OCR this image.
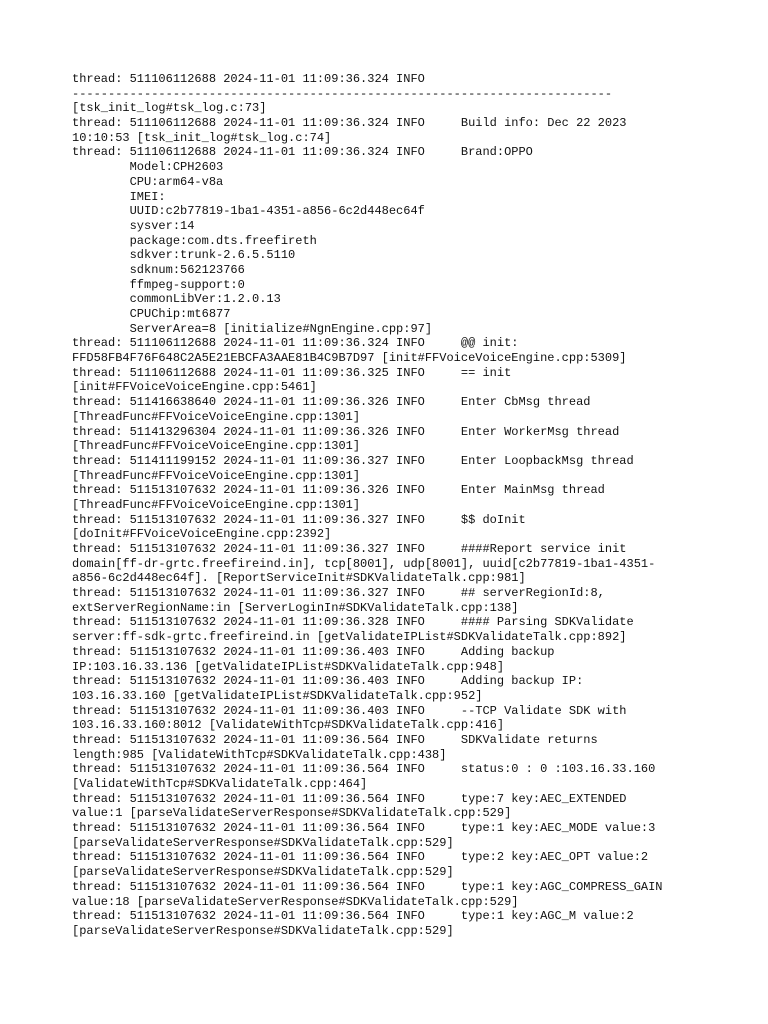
thread: 511106112688 2024-11-01 11:09:36.324 INFO
---------------------------------------------------------------------------
[tsk_init_log#tsk_log.c:73]
thread: 511106112688 2024-11-01 11:09:36.324 INFO     Build info: Dec 22 2023
10:10:53 [tsk_init_log#tsk_log.c:74]
thread: 511106112688 2024-11-01 11:09:36.324 INFO     Brand:OPPO
Model:CPH2603
CPU:arm64-v8a
IMEI:
UUID:c2b77819-1ba1-4351-a856-6c2d448ec64f
sysver:14
package:com.dts.freefireth
sdkver:trunk-2.6.5.5110
sdknum:562123766
ffmpeg-support:0
commonLibVer:1.2.0.13
CPUChip:mt6877
ServerArea=8 [initialize#NgnEngine.cpp:97]
thread: 511106112688 2024-11-01 11:09:36.324 INFO     @@ init:
FFD58FB4F76F648C2A5E21EBCFA3AAE81B4C9B7D97 [init#FFVoiceVoiceEngine.cpp:5309]
thread: 511106112688 2024-11-01 11:09:36.325 INFO     == init
[init#FFVoiceVoiceEngine.cpp:5461]
thread: 511416638640 2024-11-01 11:09:36.326 INFO     Enter CbMsg thread
[ThreadFunc#FFVoiceVoiceEngine.cpp:1301]
thread: 511413296304 2024-11-01 11:09:36.326 INFO     Enter WorkerMsg thread
[ThreadFunc#FFVoiceVoiceEngine.cpp:1301]
thread: 511411199152 2024-11-01 11:09:36.327 INFO     Enter LoopbackMsg thread
[ThreadFunc#FFVoiceVoiceEngine.cpp:1301]
thread: 511513107632 2024-11-01 11:09:36.326 INFO     Enter MainMsg thread
[ThreadFunc#FFVoiceVoiceEngine.cpp:1301]
thread: 511513107632 2024-11-01 11:09:36.327 INFO     $$ doInit
[doInit#FFVoiceVoiceEngine.cpp:2392]
thread: 511513107632 2024-11-01 11:09:36.327 INFO     ####Report service init
domain[ff-dr-grtc.freefireind.in], tcp[8001], udp[8001], uuid[c2b77819-1ba1-4351-
a856-6c2d448ec64f]. [ReportServiceInit#SDKValidateTalk.cpp:981]
thread: 511513107632 2024-11-01 11:09:36.327 INFO     ## serverRegionId:8,
extServerRegionName:in [ServerLoginIn#SDKValidateTalk.cpp:138]
thread: 511513107632 2024-11-01 11:09:36.328 INFO     #### Parsing SDKValidate
server:ff-sdk-grtc.freefireind.in [getValidateIPList#SDKValidateTalk.cpp:892]
thread: 511513107632 2024-11-01 11:09:36.403 INFO     Adding backup
IP:103.16.33.136 [getValidateIPList#SDKValidateTalk.cpp:948]
thread: 511513107632 2024-11-01 11:09:36.403 INFO     Adding backup IP:
103.16.33.160 [getValidateIPList#SDKValidateTalk.cpp:952]
thread: 511513107632 2024-11-01 11:09:36.403 INFO     --TCP Validate SDK with
103.16.33.160:8012 [ValidateWithTcp#SDKValidateTalk.cpp:416]
thread: 511513107632 2024-11-01 11:09:36.564 INFO     SDKValidate returns
length:985 [ValidateWithTcp#SDKValidateTalk.cpp:438]
thread: 511513107632 2024-11-01 11:09:36.564 INFO     status:0 : 0 :103.16.33.160
[ValidateWithTcp#SDKValidateTalk.cpp:464]
thread: 511513107632 2024-11-01 11:09:36.564 INFO     type:7 key:AEC_EXTENDED
value:1 [parseValidateServerResponse#SDKValidateTalk.cpp:529]
thread: 511513107632 2024-11-01 11:09:36.564 INFO     type:1 key:AEC_MODE value:3
[parseValidateServerResponse#SDKValidateTalk.cpp:529]
thread: 511513107632 2024-11-01 11:09:36.564 INFO     type:2 key:AEC_OPT value:2
[parseValidateServerResponse#SDKValidateTalk.cpp:529]
thread: 511513107632 2024-11-01 11:09:36.564 INFO     type:1 key:AGC_COMPRESS_GAIN
value:18 [parseValidateServerResponse#SDKValidateTalk.cpp:529]
thread: 511513107632 2024-11-01 11:09:36.564 INFO     type:1 key:AGC_M value:2
[parseValidateServerResponse#SDKValidateTalk.cpp:529]
